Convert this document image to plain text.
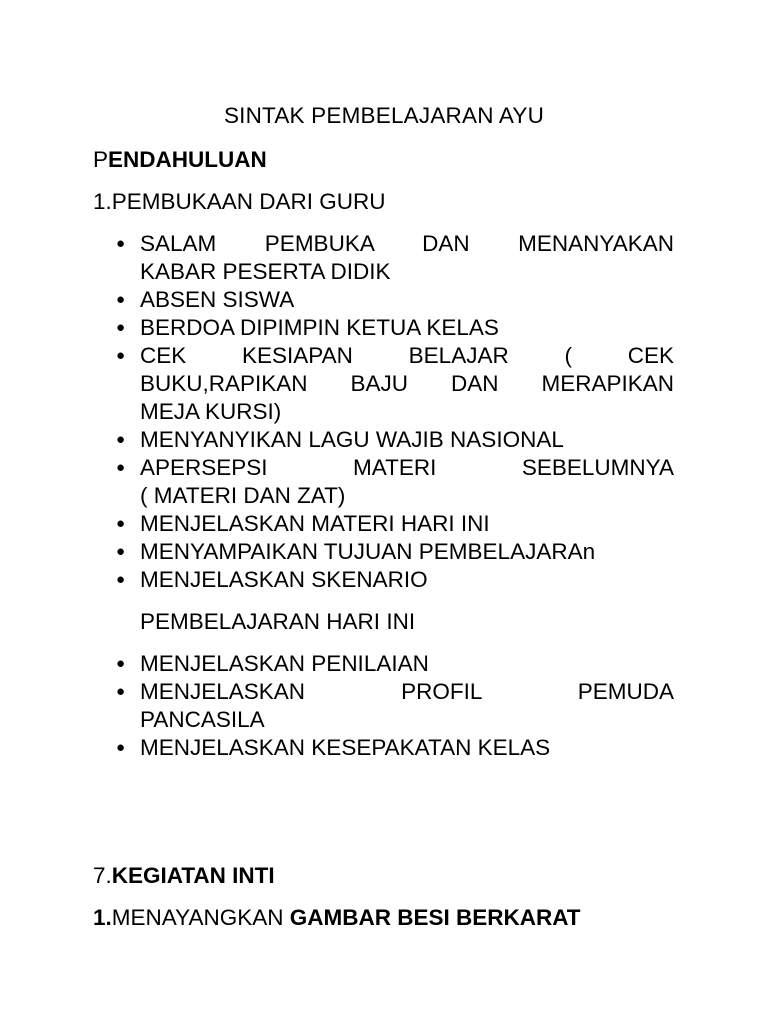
SINTAK PEMBELAJARAN AYU
PENDAHULUAN
1.PEMBUKAAN DARI GURU
● SALAM PEMBUKA DAN MENANYAKAN
KABAR PESERTA DIDIK
● ABSEN SISWA
● BERDOA DIPIMPIN KETUA KELAS
● CEK KESIAPAN BELAJAR ( CEK
BUKU,RAPIKAN BAJU DAN MERAPIKAN
MEJA KURSI)
● MENYANYIKAN LAGU WAJIB NASIONAL
● APERSEPSI MATERI SEBELUMNYA
( MATERI DAN ZAT)
● MENJELASKAN MATERI HARI INI
● MENYAMPAIKAN TUJUAN PEMBELAJARAn
● MENJELASKAN SKENARIO
PEMBELAJARAN HARI INI
● MENJELASKAN PENILAIAN
● MENJELASKAN PROFIL PEMUDA
PANCASILA
● MENJELASKAN KESEPAKATAN KELAS
7.KEGIATAN INTI
1.MENAYANGKAN GAMBAR BESI BERKARAT
